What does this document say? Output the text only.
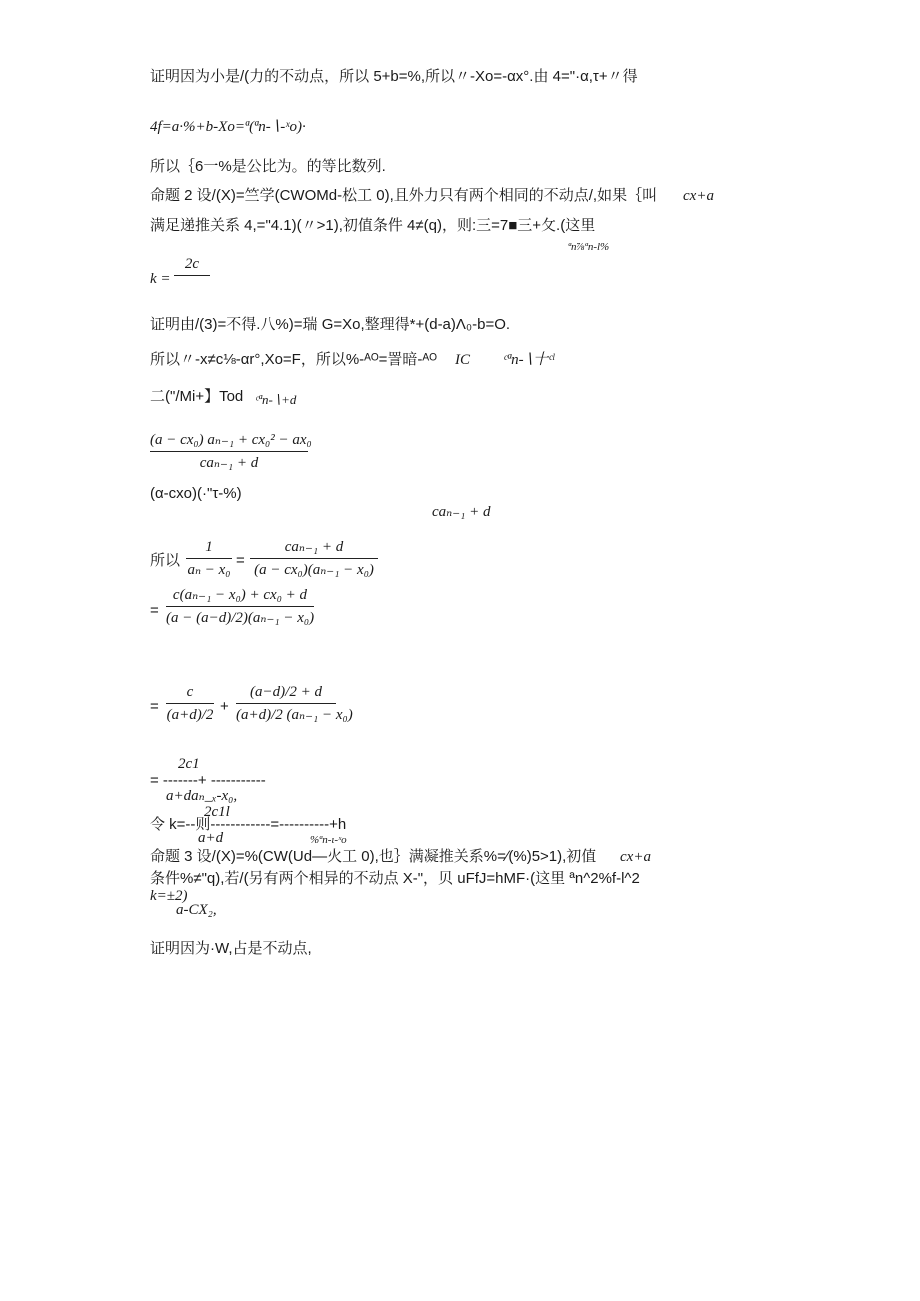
证明因为小是/(力的不动点，所以 5+b=%,所以〃-Xo=-αx°.由 4="·α,τ+〃得
4f=a·%+b-Xo=ª(ªn-∖-ˣo)·
所以｛6一%是公比为。的等比数列.
命题 2 设/(X)=竺学(CWOMd-松工 0),且外力只有两个相同的不动点/,如果｛叫 cx+a
满足递推关系 4,="4.1)(〃>1),初值条件 4≠(q)，则:三=7■三+攵.(这里
ªn⅞ªn-l%
k =
2c
证明由/(3)=不得.八%)=瑞 G=Xo,整理得*+(d-a)Λ₀-b=O.
所以〃-x≠c⅛-αr°,Xo=F，所以%-ᴬᴼ=詈暗-ᴬᴼ IC ᶜªn-∖十ᶜˡ
二("/Mi+】Tod ᶜªn-∖+d
(a − cx₀) aₙ₋₁ + cx₀² − ax₀
caₙ₋₁ + d
(α-cxo)(·"τ-%)
caₙ₋₁ + d
所以
1
aₙ − x₀
=
caₙ₋₁ + d
(a − cx₀)(aₙ₋₁ − x₀)
=
c(aₙ₋₁ − x₀) + cx₀ + d
(a − (a−d)/2)(aₙ₋₁ − x₀)
=
c
(a+d)/2 +
(a−d)/2 + d
(a+d)/2 (aₙ₋₁ − x₀)
2c1
= -------+ -----------
a+daₙ_ₓ-x₀,
2c1l
令 k=--则------------=----------+h
a+d	%ªn-ι-ˣo
命题 3 设/(X)=%(CW(Ud—火工 0),也｝满凝推关系%=∕(%)5>1),初值 cx+a
条件%≠"q),若/(另有两个相异的不动点 X-"，贝 uFfJ=hMF·(这里 ªn^2%f-l^2
k=±2)
a-CX₂,
证明因为·W,占是不动点,
